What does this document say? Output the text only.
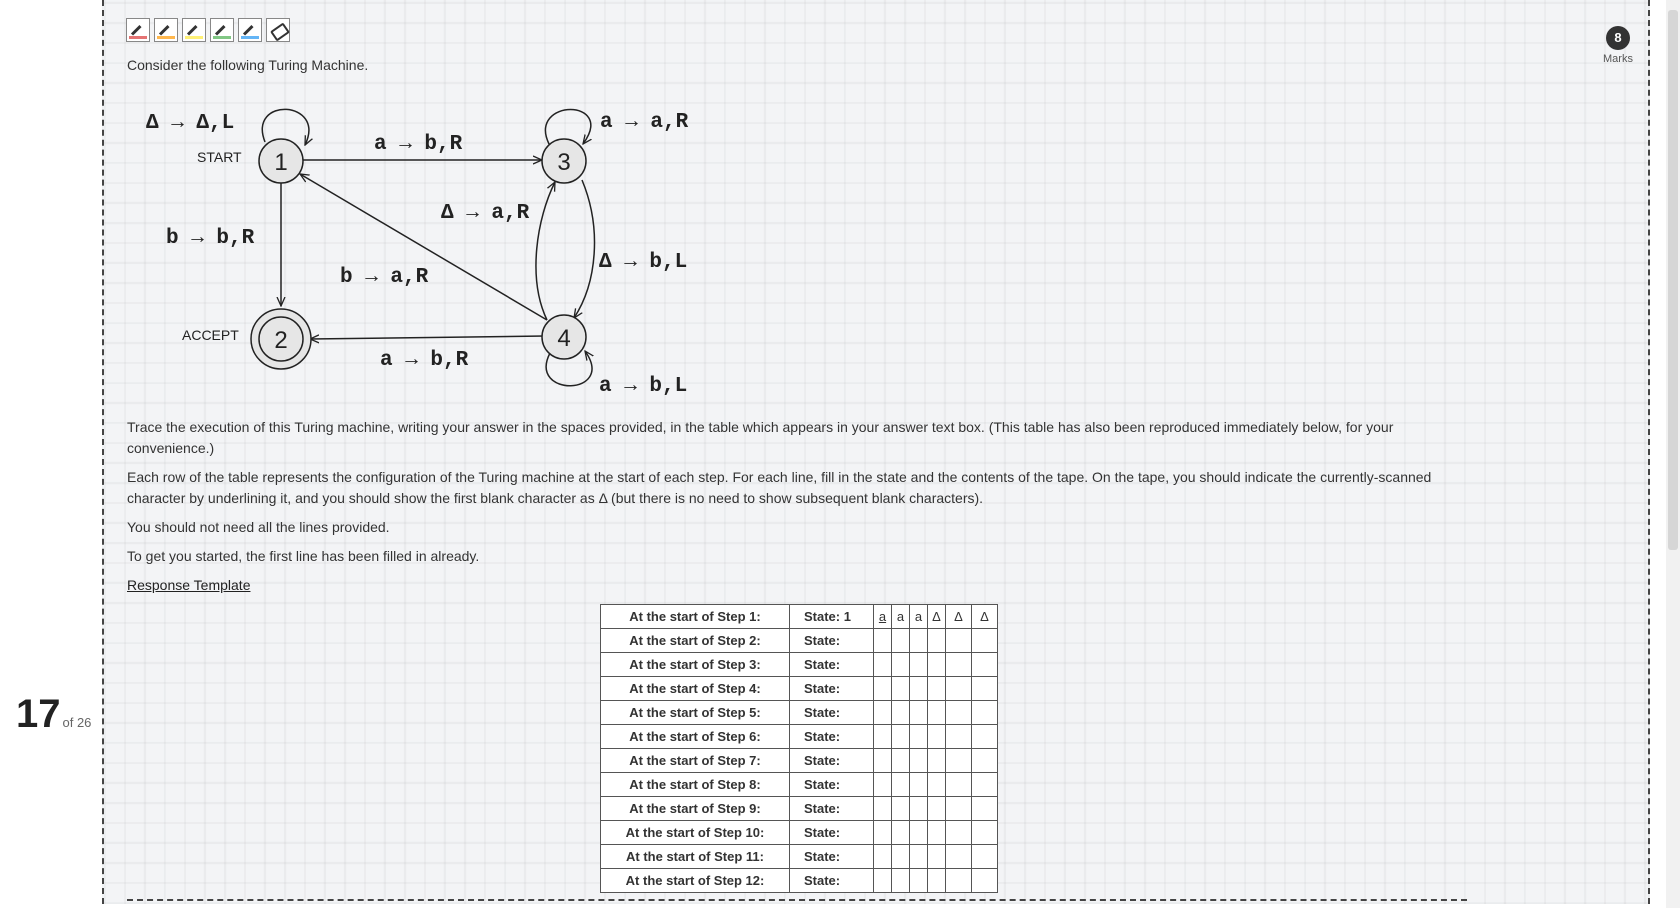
17 of 26
8
Marks
Consider the following Turing Machine.
1
2
3
4
START
ACCEPT
Δ → Δ,L
a → b,R
a → a,R
b → b,R
Δ → a,R
Δ → b,L
b → a,R
a → b,R
a → b,L
Trace the execution of this Turing machine, writing your answer in the spaces provided, in the table which appears in your answer text box. (This table has also been reproduced immediately below, for your convenience.)
Each row of the table represents the configuration of the Turing machine at the start of each step. For each line, fill in the state and the contents of the tape. On the tape, you should indicate the currently-scanned character by underlining it, and you should show the first blank character as Δ (but there is no need to show subsequent blank characters).
You should not need all the lines provided.
To get you started, the first line has been filled in already.
Response Template
At the start of Step 1:	State: 1	a	a	a	Δ	Δ	Δ
At the start of Step 2:	State:						
At the start of Step 3:	State:						
At the start of Step 4:	State:						
At the start of Step 5:	State:						
At the start of Step 6:	State:						
At the start of Step 7:	State:						
At the start of Step 8:	State:						
At the start of Step 9:	State:						
At the start of Step 10:	State:						
At the start of Step 11:	State:						
At the start of Step 12:	State:						
